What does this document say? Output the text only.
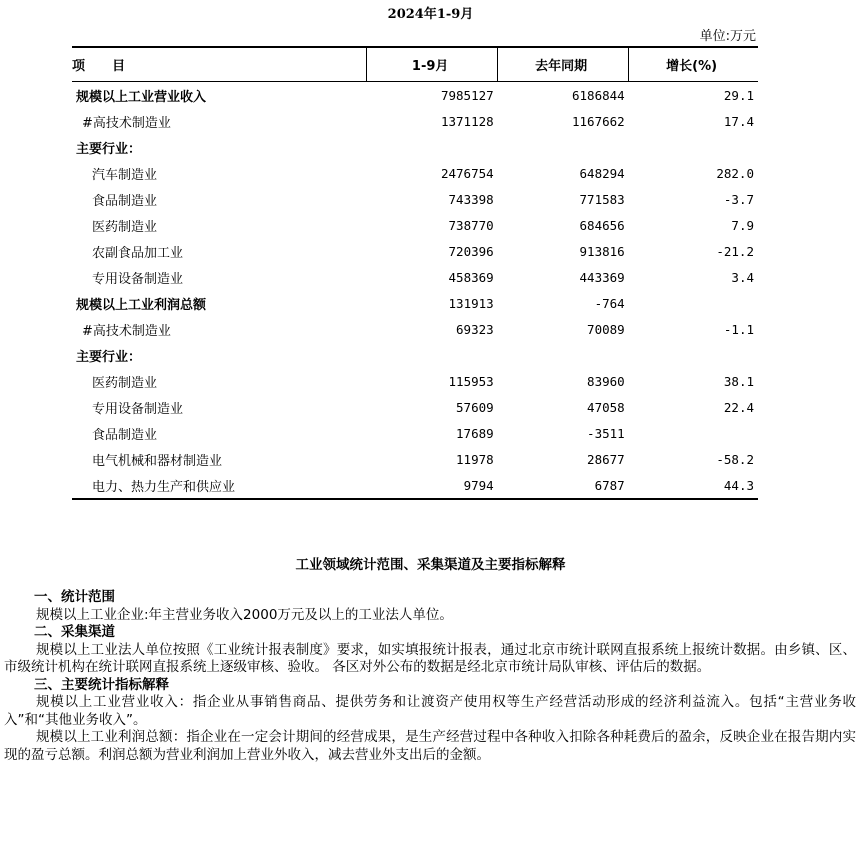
2024年1-9月
单位:万元
项      目	1-9月	去年同期	增长(%)
规模以上工业营业收入	7985127	6186844	29.1
#高技术制造业	1371128	1167662	17.4
主要行业：			
汽车制造业	2476754	648294	282.0
食品制造业	743398	771583	-3.7
医药制造业	738770	684656	7.9
农副食品加工业	720396	913816	-21.2
专用设备制造业	458369	443369	3.4
规模以上工业利润总额	131913	-764	
#高技术制造业	69323	70089	-1.1
主要行业：			
医药制造业	115953	83960	38.1
专用设备制造业	57609	47058	22.4
食品制造业	17689	-3511	
电气机械和器材制造业	11978	28677	-58.2
电力、热力生产和供应业	9794	6787	44.3
工业领域统计范围、采集渠道及主要指标解释
一、统计范围

规模以上工业企业:年主营业务收入2000万元及以上的工业法人单位。

二、采集渠道

规模以上工业法人单位按照《工业统计报表制度》要求，如实填报统计报表，通过北京市统计联网直报系统上报统计数据。由乡镇、区、市级统计机构在统计联网直报系统上逐级审核、验收。 各区对外公布的数据是经北京市统计局队审核、评估后的数据。

三、主要统计指标解释

规模以上工业营业收入：指企业从事销售商品、提供劳务和让渡资产使用权等生产经营活动形成的经济利益流入。包括“主营业务收入”和“其他业务收入”。

规模以上工业利润总额：指企业在一定会计期间的经营成果，是生产经营过程中各种收入扣除各种耗费后的盈余，反映企业在报告期内实现的盈亏总额。利润总额为营业利润加上营业外收入，减去营业外支出后的金额。
